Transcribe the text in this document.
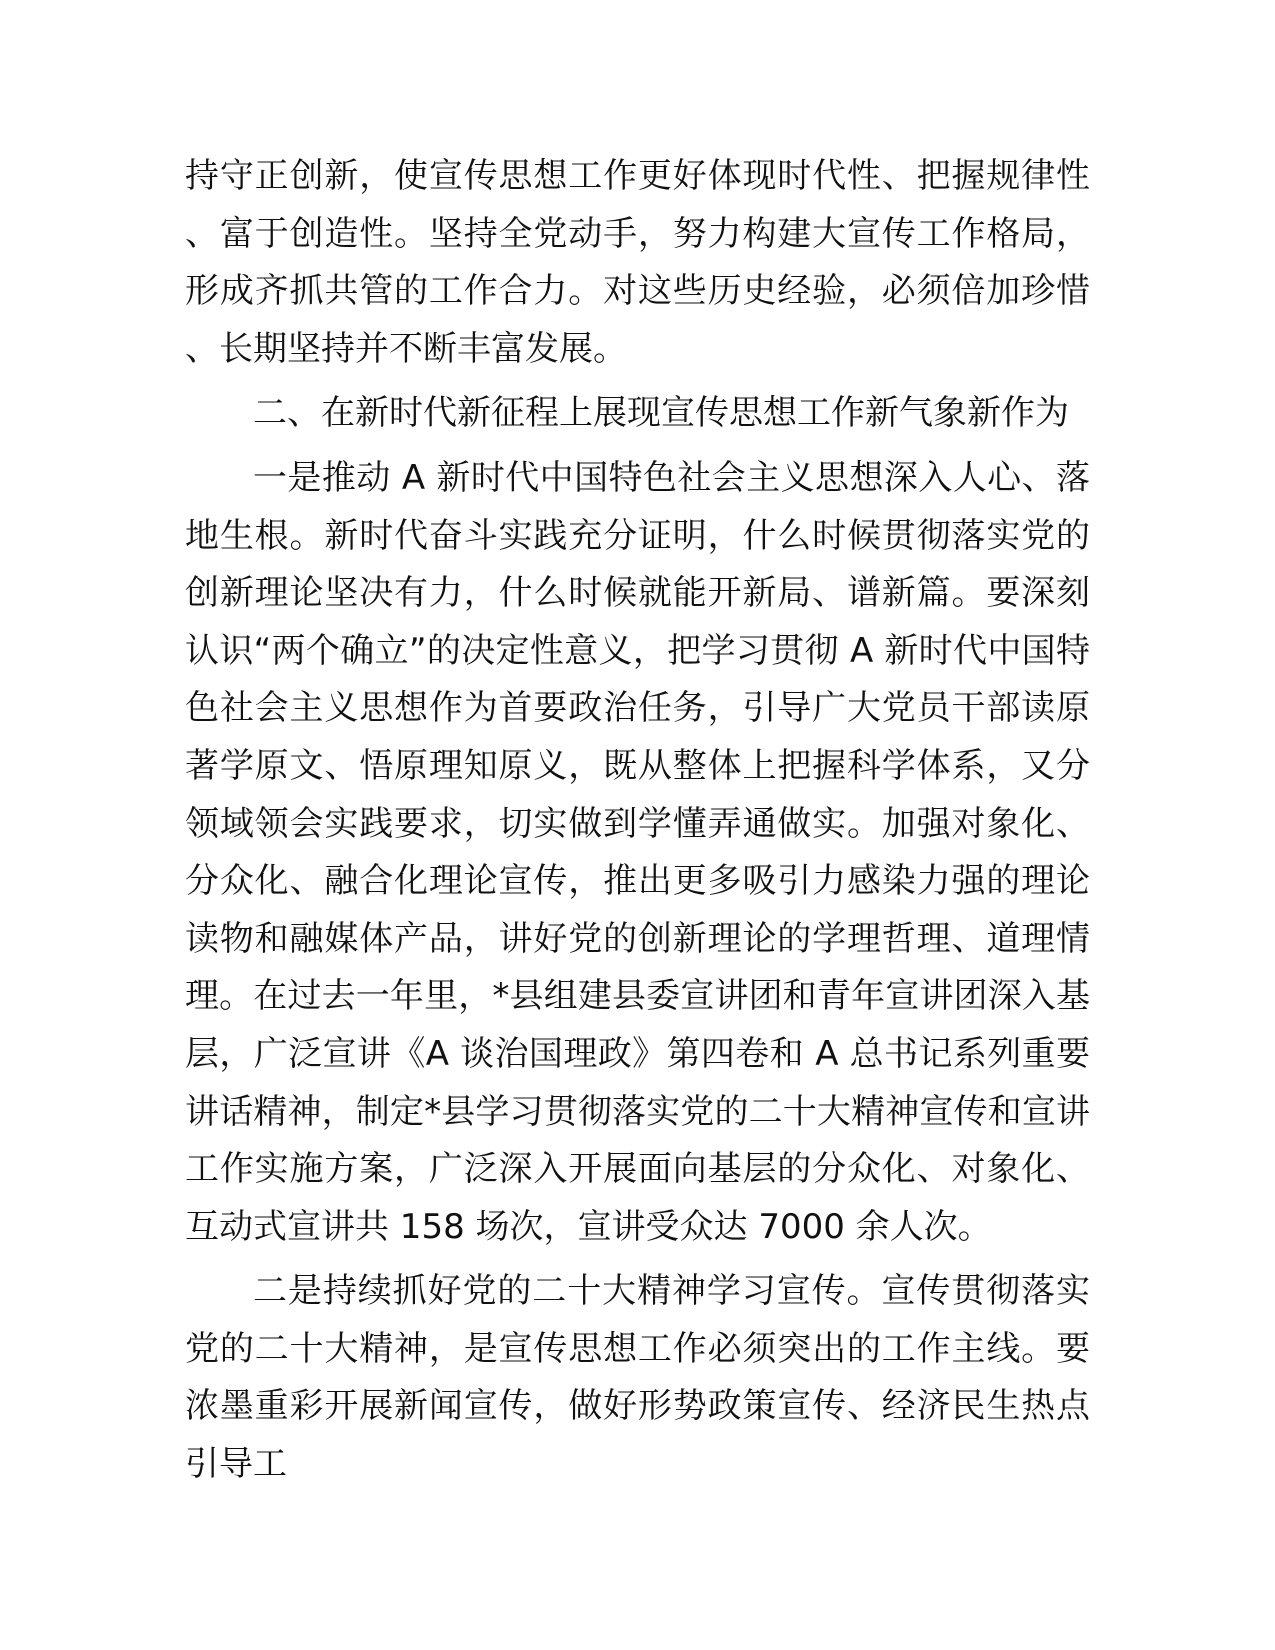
持守正创新，使宣传思想工作更好体现时代性、把握规律性、富于创造性。坚持全党动手，努力构建大宣传工作格局，形成齐抓共管的工作合力。对这些历史经验，必须倍加珍惜、长期坚持并不断丰富发展。

二、在新时代新征程上展现宣传思想工作新气象新作为

一是推动 A 新时代中国特色社会主义思想深入人心、落地生根。新时代奋斗实践充分证明，什么时候贯彻落实党的创新理论坚决有力，什么时候就能开新局、谱新篇。要深刻认识“两个确立”的决定性意义，把学习贯彻 A 新时代中国特色社会主义思想作为首要政治任务，引导广大党员干部读原著学原文、悟原理知原义，既从整体上把握科学体系，又分领域领会实践要求，切实做到学懂弄通做实。加强对象化、分众化、融合化理论宣传，推出更多吸引力感染力强的理论读物和融媒体产品，讲好党的创新理论的学理哲理、道理情理。在过去一年里，*县组建县委宣讲团和青年宣讲团深入基层，广泛宣讲《A 谈治国理政》第四卷和 A 总书记系列重要讲话精神，制定*县学习贯彻落实党的二十大精神宣传和宣讲工作实施方案，广泛深入开展面向基层的分众化、对象化、互动式宣讲共 158 场次，宣讲受众达 7000 余人次。

二是持续抓好党的二十大精神学习宣传。宣传贯彻落实党的二十大精神，是宣传思想工作必须突出的工作主线。要浓墨重彩开展新闻宣传，做好形势政策宣传、经济民生热点引导工
